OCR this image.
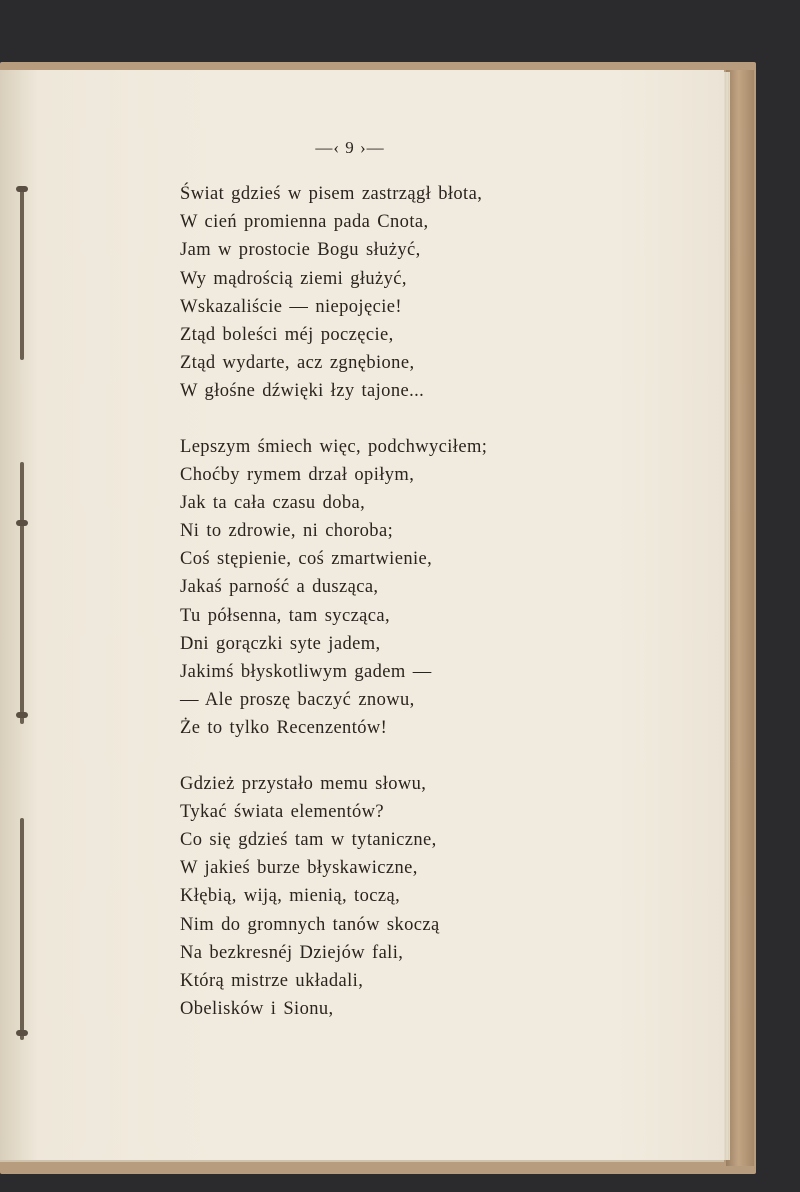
—‹ 9 ›—
Świat gdzieś w pisem zastrzągł błota,
W cień promienna pada Cnota,
Jam w prostocie Bogu służyć,
Wy mądrością ziemi głużyć,
Wskazaliście — niepojęcie!
Ztąd boleści méj poczęcie,
Ztąd wydarte, acz zgnębione,
W głośne dźwięki łzy tajone...
Lepszym śmiech więc, podchwyciłem;
Choćby rymem drzał opiłym,
Jak ta cała czasu doba,
Ni to zdrowie, ni choroba;
Coś stępienie, coś zmartwienie,
Jakaś parność a dusząca,
Tu półsenna, tam sycząca,
Dni gorączki syte jadem,
Jakimś błyskotliwym gadem —
— Ale proszę baczyć znowu,
Że to tylko Recenzentów!
Gdzież przystało memu słowu,
Tykać świata elementów?
Co się gdzieś tam w tytaniczne,
W jakieś burze błyskawiczne,
Kłębią, wiją, mienią, toczą,
Nim do gromnych tanów skoczą
Na bezkresnéj Dziejów fali,
Którą mistrze układali,
Obelisków i Sionu,
